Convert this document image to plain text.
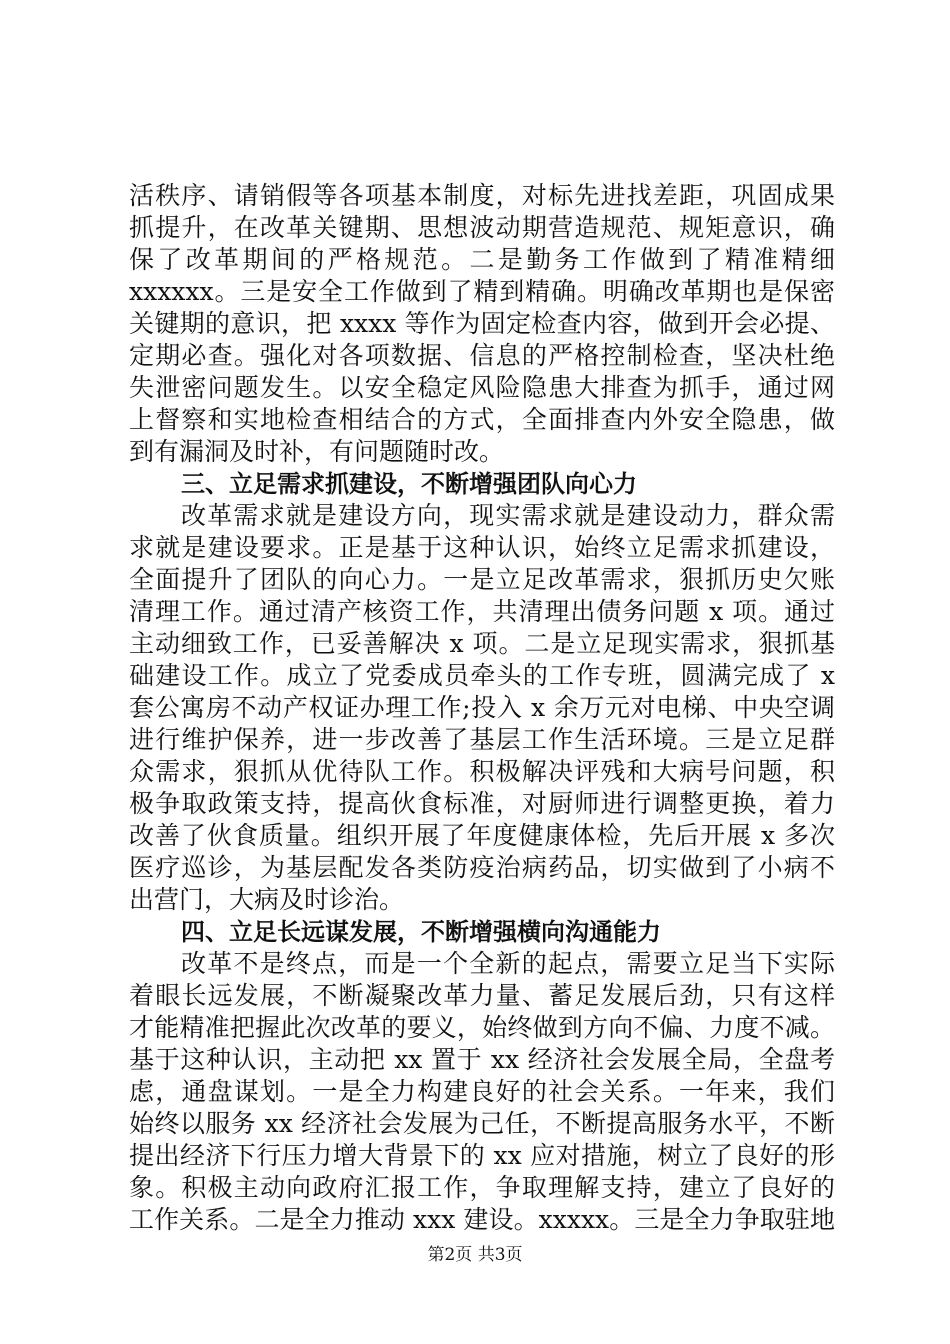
活秩序、请销假等各项基本制度，对标先进找差距，巩固成果
抓提升，在改革关键期、思想波动期营造规范、规矩意识，确
保了改革期间的严格规范。二是勤务工作做到了精准精细
xxxxxx。三是安全工作做到了精到精确。明确改革期也是保密
关键期的意识，把 xxxx 等作为固定检查内容，做到开会必提、
定期必查。强化对各项数据、信息的严格控制检查，坚决杜绝
失泄密问题发生。以安全稳定风险隐患大排查为抓手，通过网
上督察和实地检查相结合的方式，全面排查内外安全隐患，做
到有漏洞及时补，有问题随时改。
三、立足需求抓建设，不断增强团队向心力
改革需求就是建设方向，现实需求就是建设动力，群众需
求就是建设要求。正是基于这种认识，始终立足需求抓建设，
全面提升了团队的向心力。一是立足改革需求，狠抓历史欠账
清理工作。通过清产核资工作，共清理出债务问题 x 项。通过
主动细致工作，已妥善解决 x 项。二是立足现实需求，狠抓基
础建设工作。成立了党委成员牵头的工作专班，圆满完成了 x
套公寓房不动产权证办理工作;投入 x 余万元对电梯、中央空调
进行维护保养，进一步改善了基层工作生活环境。三是立足群
众需求，狠抓从优待队工作。积极解决评残和大病号问题，积
极争取政策支持，提高伙食标准，对厨师进行调整更换，着力
改善了伙食质量。组织开展了年度健康体检，先后开展 x 多次
医疗巡诊，为基层配发各类防疫治病药品，切实做到了小病不
出营门，大病及时诊治。
四、立足长远谋发展，不断增强横向沟通能力
改革不是终点，而是一个全新的起点，需要立足当下实际
着眼长远发展，不断凝聚改革力量、蓄足发展后劲，只有这样
才能精准把握此次改革的要义，始终做到方向不偏、力度不减。
基于这种认识，主动把 xx 置于 xx 经济社会发展全局，全盘考
虑，通盘谋划。一是全力构建良好的社会关系。一年来，我们
始终以服务 xx 经济社会发展为己任，不断提高服务水平，不断
提出经济下行压力增大背景下的 xx 应对措施，树立了良好的形
象。积极主动向政府汇报工作，争取理解支持，建立了良好的
工作关系。二是全力推动 xxx 建设。xxxxx。三是全力争取驻地
第2页 共3页
